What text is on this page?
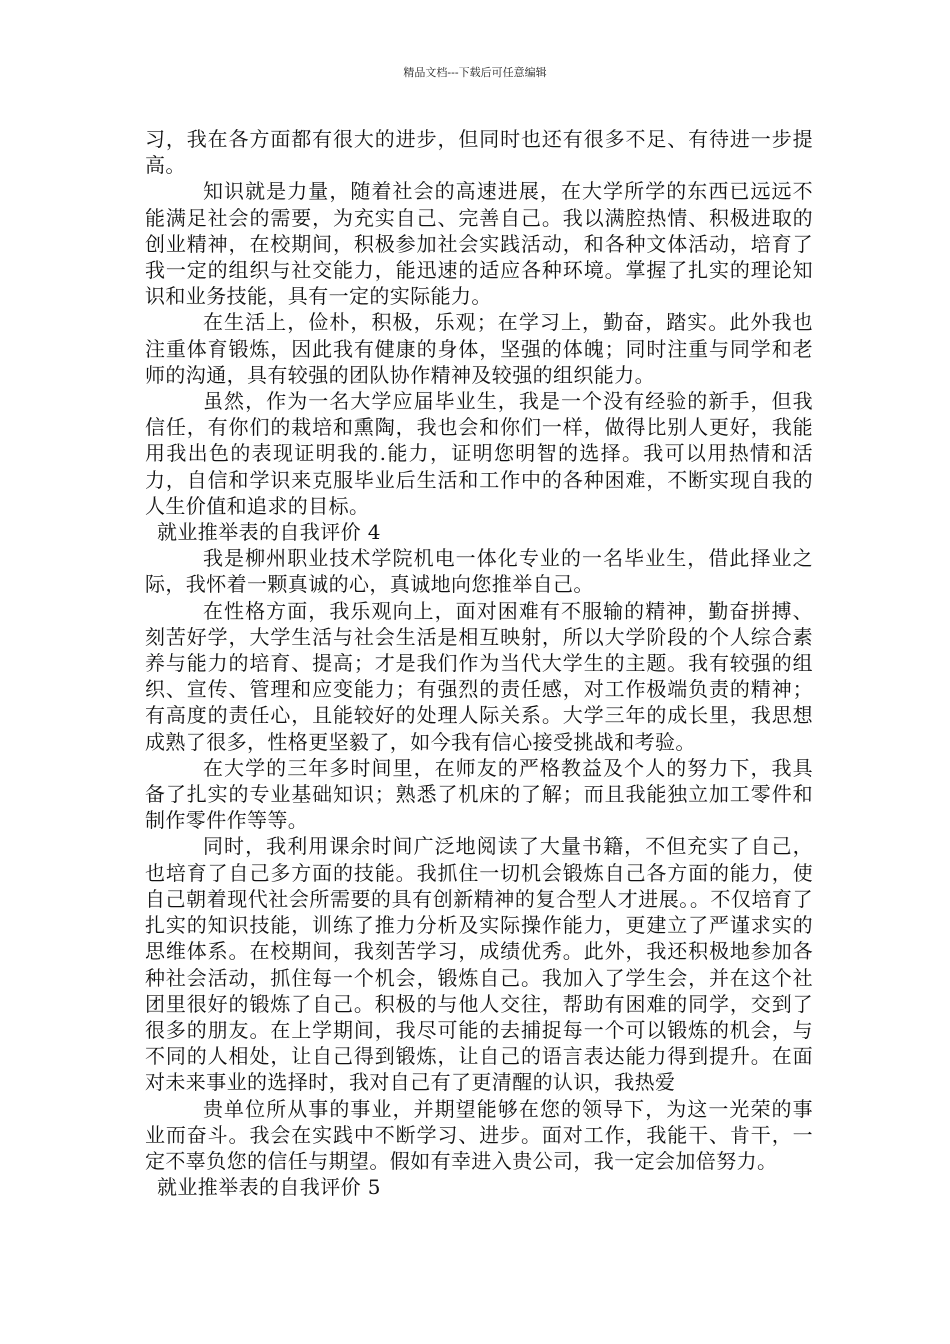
精品文档---下载后可任意编辑

习，我在各方面都有很大的进步，但同时也还有很多不足、有待进一步提高。

知识就是力量，随着社会的高速进展，在大学所学的东西已远远不能满足社会的需要，为充实自己、完善自己。我以满腔热情、积极进取的创业精神，在校期间，积极参加社会实践活动，和各种文体活动，培育了我一定的组织与社交能力，能迅速的适应各种环境。掌握了扎实的理论知识和业务技能，具有一定的实际能力。

在生活上，俭朴，积极，乐观；在学习上，勤奋，踏实。此外我也注重体育锻炼，因此我有健康的身体，坚强的体魄；同时注重与同学和老师的沟通，具有较强的团队协作精神及较强的组织能力。

虽然，作为一名大学应届毕业生，我是一个没有经验的新手，但我信任，有你们的栽培和熏陶，我也会和你们一样，做得比别人更好，我能用我出色的表现证明我的.能力，证明您明智的选择。我可以用热情和活力，自信和学识来克服毕业后生活和工作中的各种困难，不断实现自我的人生价值和追求的目标。

就业推举表的自我评价 4

我是柳州职业技术学院机电一体化专业的一名毕业生，借此择业之际，我怀着一颗真诚的心，真诚地向您推举自己。

在性格方面，我乐观向上，面对困难有不服输的精神，勤奋拼搏、刻苦好学，大学生活与社会生活是相互映射，所以大学阶段的个人综合素养与能力的培育、提高；才是我们作为当代大学生的主题。我有较强的组织、宣传、管理和应变能力；有强烈的责任感，对工作极端负责的精神；有高度的责任心，且能较好的处理人际关系。大学三年的成长里，我思想成熟了很多，性格更坚毅了，如今我有信心接受挑战和考验。

在大学的三年多时间里，在师友的严格教益及个人的努力下，我具备了扎实的专业基础知识；熟悉了机床的了解；而且我能独立加工零件和制作零件作等等。

同时，我利用课余时间广泛地阅读了大量书籍，不但充实了自己，也培育了自己多方面的技能。我抓住一切机会锻炼自己各方面的能力，使自己朝着现代社会所需要的具有创新精神的复合型人才进展。。不仅培育了扎实的知识技能，训练了推力分析及实际操作能力，更建立了严谨求实的思维体系。在校期间，我刻苦学习，成绩优秀。此外，我还积极地参加各种社会活动，抓住每一个机会，锻炼自己。我加入了学生会，并在这个社团里很好的锻炼了自己。积极的与他人交往，帮助有困难的同学，交到了很多的朋友。在上学期间，我尽可能的去捕捉每一个可以锻炼的机会，与不同的人相处，让自己得到锻炼，让自己的语言表达能力得到提升。在面对未来事业的选择时，我对自己有了更清醒的认识，我热爱

贵单位所从事的事业，并期望能够在您的领导下，为这一光荣的事业而奋斗。我会在实践中不断学习、进步。面对工作，我能干、肯干，一定不辜负您的信任与期望。假如有幸进入贵公司，我一定会加倍努力。

就业推举表的自我评价 5
